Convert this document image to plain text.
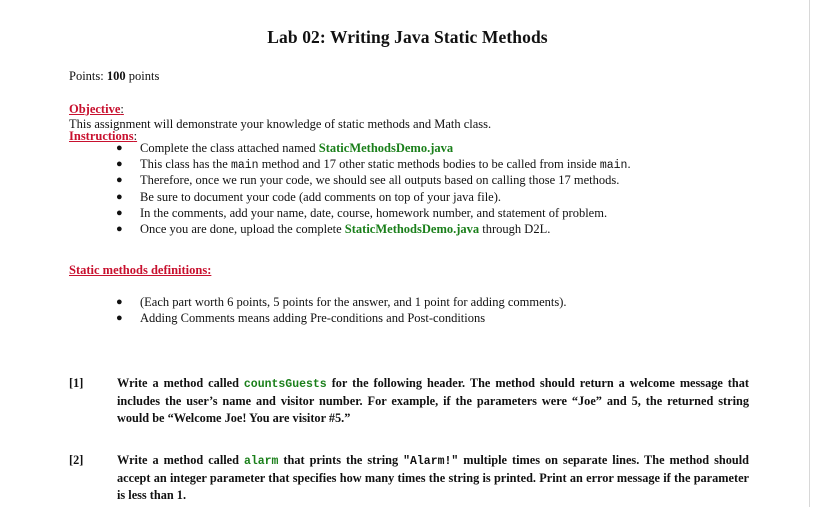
Lab 02: Writing Java Static Methods
Points: 100 points
Objective:
This assignment will demonstrate your knowledge of static methods and Math class.
Instructions:
● Complete the class attached named StaticMethodsDemo.java
● This class has the main method and 17 other static methods bodies to be called from inside main.
● Therefore, once we run your code, we should see all outputs based on calling those 17 methods.
● Be sure to document your code (add comments on top of your java file).
● In the comments, add your name, date, course, homework number, and statement of problem.
● Once you are done, upload the complete StaticMethodsDemo.java through D2L.
Static methods definitions:
● (Each part worth 6 points, 5 points for the answer, and 1 point for adding comments).
● Adding Comments means adding Pre-conditions and Post-conditions
[1]	Write a method called countsGuests for the following header. The method should return a welcome message that includes the user’s name and visitor number. For example, if the parameters were “Joe” and 5, the returned string would be “Welcome Joe! You are visitor #5.”
[2]	Write a method called alarm that prints the string "Alarm!" multiple times on separate lines. The method should accept an integer parameter that specifies how many times the string is printed. Print an error message if the parameter is less than 1.
